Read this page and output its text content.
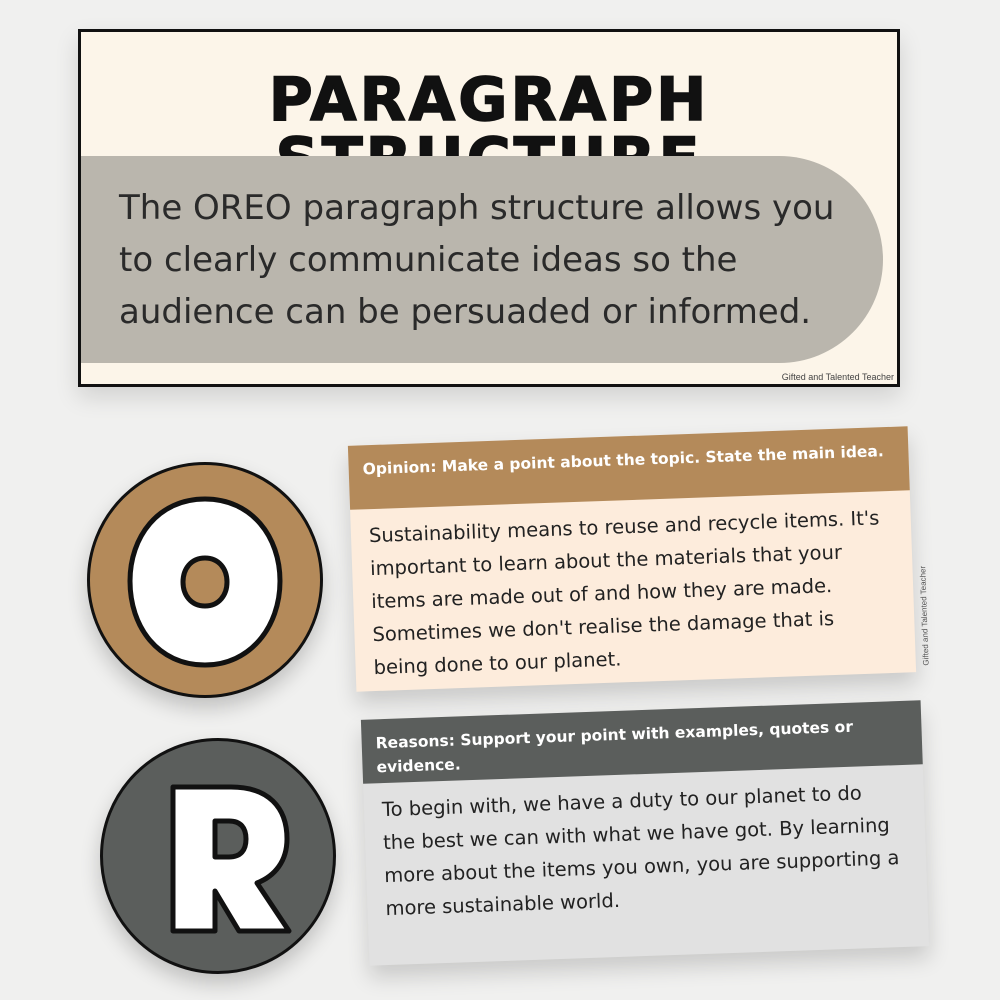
PARAGRAPH
The OREO paragraph structure allows you to clearly communicate ideas so the audience can be persuaded or informed.
Gifted and Talented Teacher
Opinion: Make a point about the topic. State the main idea.
Sustainability means to reuse and recycle items. It's important to learn about the materials that your items are made out of and how they are made. Sometimes we don't realise the damage that is being done to our planet.	Gifted and Talented Teacher
Reasons: Support your point with examples, quotes or evidence.
To begin with, we have a duty to our planet to do the best we can with what we have got. By learning more about the items you own, you are supporting a more sustainable world.
